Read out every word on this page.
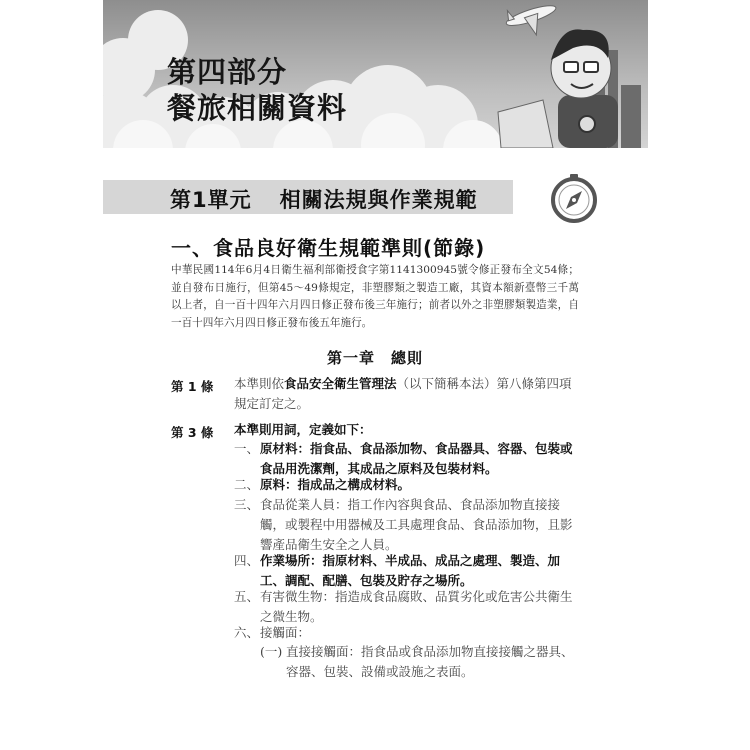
第四部分
餐旅相關資料
第1單元 相關法規與作業規範
一、食品良好衛生規範準則(節錄)
中華民國114年6月4日衛生福利部衛授食字第1141300945號令修正發布全文54條；並自發布日施行，但第45～49條規定，非塑膠類之製造工廠，其資本額新臺幣三千萬以上者，自一百十四年六月四日修正發布後三年施行；前者以外之非塑膠類製造業，自一百十四年六月四日修正發布後五年施行。
第一章　總則
第 1 條 本準則依食品安全衛生管理法（以下簡稱本法）第八條第四項規定訂定之。
第 3 條 本準則用詞，定義如下：
一、 原材料：指食品、食品添加物、食品器具、容器、包裝或食品用洗潔劑，其成品之原料及包裝材料。
二、 原料：指成品之構成材料。
三、 食品從業人員：指工作內容與食品、食品添加物直接接觸，或製程中用器械及工具處理食品、食品添加物，且影響產品衛生安全之人員。
四、 作業場所：指原材料、半成品、成品之處理、製造、加工、調配、配膳、包裝及貯存之場所。
五、 有害微生物：指造成食品腐敗、品質劣化或危害公共衛生之微生物。
六、 接觸面：
(一) 直接接觸面：指食品或食品添加物直接接觸之器具、容器、包裝、設備或設施之表面。
